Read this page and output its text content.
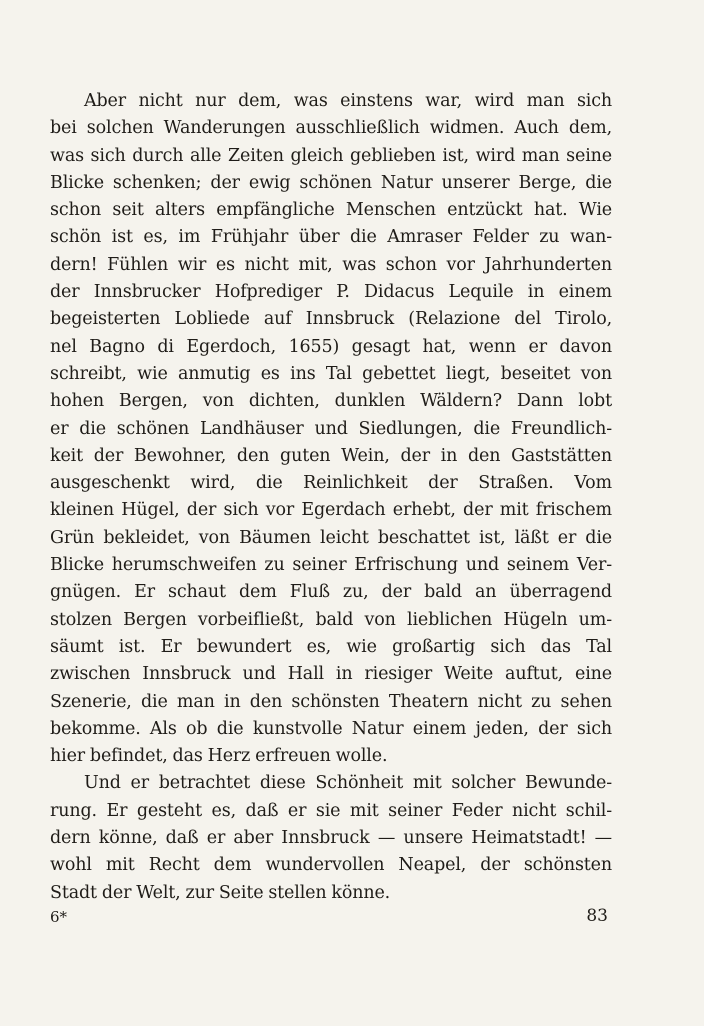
Aber nicht nur dem, was einstens war, wird man sich
bei solchen Wanderungen ausschließlich widmen. Auch dem,
was sich durch alle Zeiten gleich geblieben ist, wird man seine
Blicke schenken; der ewig schönen Natur unserer Berge, die
schon seit alters empfängliche Menschen entzückt hat. Wie
schön ist es, im Frühjahr über die Amraser Felder zu wan-
dern! Fühlen wir es nicht mit, was schon vor Jahrhunderten
der Innsbrucker Hofprediger P. Didacus Lequile in einem
begeisterten Lobliede auf Innsbruck (Relazione del Tirolo,
nel Bagno di Egerdoch, 1655) gesagt hat, wenn er davon
schreibt, wie anmutig es ins Tal gebettet liegt, beseitet von
hohen Bergen, von dichten, dunklen Wäldern? Dann lobt
er die schönen Landhäuser und Siedlungen, die Freundlich-
keit der Bewohner, den guten Wein, der in den Gaststätten
ausgeschenkt wird, die Reinlichkeit der Straßen. Vom
kleinen Hügel, der sich vor Egerdach erhebt, der mit frischem
Grün bekleidet, von Bäumen leicht beschattet ist, läßt er die
Blicke herumschweifen zu seiner Erfrischung und seinem Ver-
gnügen. Er schaut dem Fluß zu, der bald an überragend
stolzen Bergen vorbeifließt, bald von lieblichen Hügeln um-
säumt ist. Er bewundert es, wie großartig sich das Tal
zwischen Innsbruck und Hall in riesiger Weite auftut, eine
Szenerie, die man in den schönsten Theatern nicht zu sehen
bekomme. Als ob die kunstvolle Natur einem jeden, der sich
hier befindet, das Herz erfreuen wolle.
Und er betrachtet diese Schönheit mit solcher Bewunde-
rung. Er gesteht es, daß er sie mit seiner Feder nicht schil-
dern könne, daß er aber Innsbruck — unsere Heimatstadt! —
wohl mit Recht dem wundervollen Neapel, der schönsten
Stadt der Welt, zur Seite stellen könne.
6*	83
